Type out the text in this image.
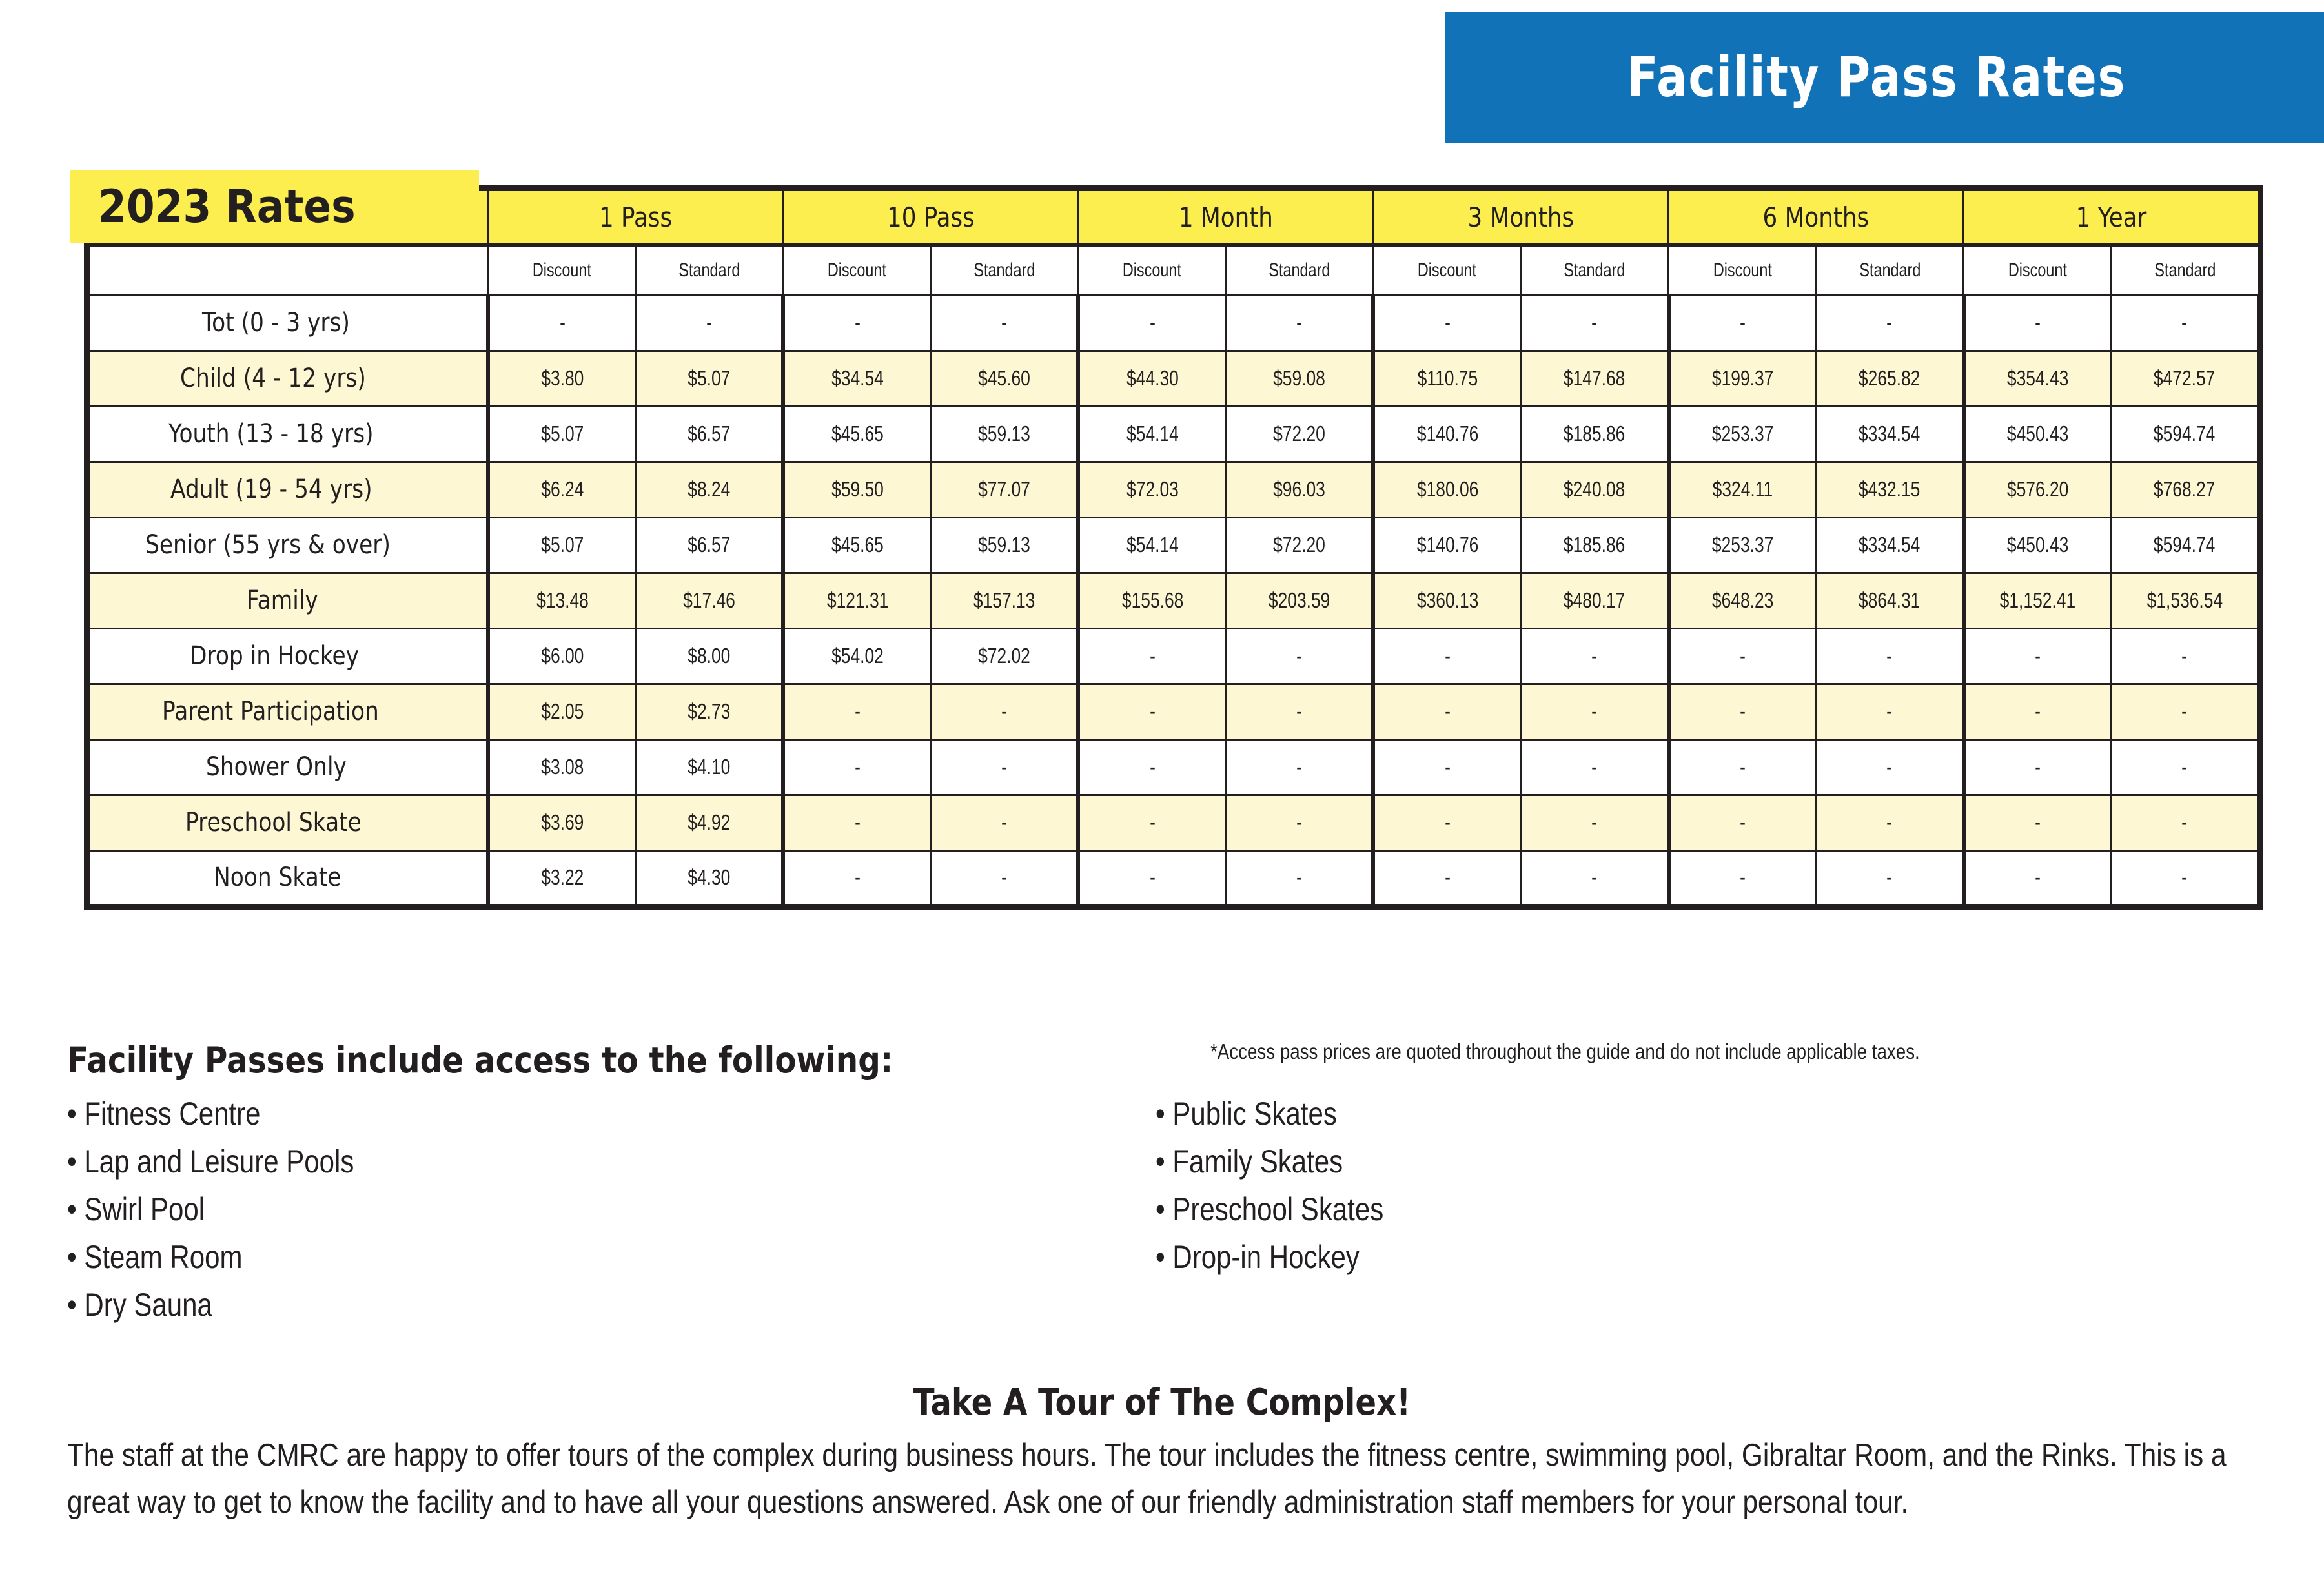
Facility Pass Rates
	1 Pass		10 Pass		1 Month		3 Months		6 Months		1 Year	
	Discount	Standard	Discount	Standard	Discount	Standard	Discount	Standard	Discount	Standard	Discount	Standard
Tot (0 - 3 yrs)	-	-	-	-	-	-	-	-	-	-	-	-
Child (4 - 12 yrs)	$3.80	$5.07	$34.54	$45.60	$44.30	$59.08	$110.75	$147.68	$199.37	$265.82	$354.43	$472.57
Youth (13 - 18 yrs)	$5.07	$6.57	$45.65	$59.13	$54.14	$72.20	$140.76	$185.86	$253.37	$334.54	$450.43	$594.74
Adult (19 - 54 yrs)	$6.24	$8.24	$59.50	$77.07	$72.03	$96.03	$180.06	$240.08	$324.11	$432.15	$576.20	$768.27
Senior (55 yrs & over)	$5.07	$6.57	$45.65	$59.13	$54.14	$72.20	$140.76	$185.86	$253.37	$334.54	$450.43	$594.74
Family	$13.48	$17.46	$121.31	$157.13	$155.68	$203.59	$360.13	$480.17	$648.23	$864.31	$1,152.41	$1,536.54
Drop in Hockey	$6.00	$8.00	$54.02	$72.02	-	-	-	-	-	-	-	-
Parent Participation	$2.05	$2.73	-	-	-	-	-	-	-	-	-	-
Shower Only	$3.08	$4.10	-	-	-	-	-	-	-	-	-	-
Preschool Skate	$3.69	$4.92	-	-	-	-	-	-	-	-	-	-
Noon Skate	$3.22	$4.30	-	-	-	-	-	-	-	-	-	-
2023 Rates
Facility Passes include access to the following:	*Access pass prices are quoted throughout the guide and do not include applicable taxes.
• Fitness Centre
• Lap and Leisure Pools
• Swirl Pool
• Steam Room
• Dry Sauna
• Public Skates
• Family Skates
• Preschool Skates
• Drop-in Hockey
Take A Tour of The Complex!
The staff at the CMRC are happy to offer tours of the complex during business hours. The tour includes the fitness centre, swimming pool, Gibraltar Room, and the Rinks. This is a great way to get to know the facility and to have all your questions answered. Ask one of our friendly administration staff members for your personal tour.
